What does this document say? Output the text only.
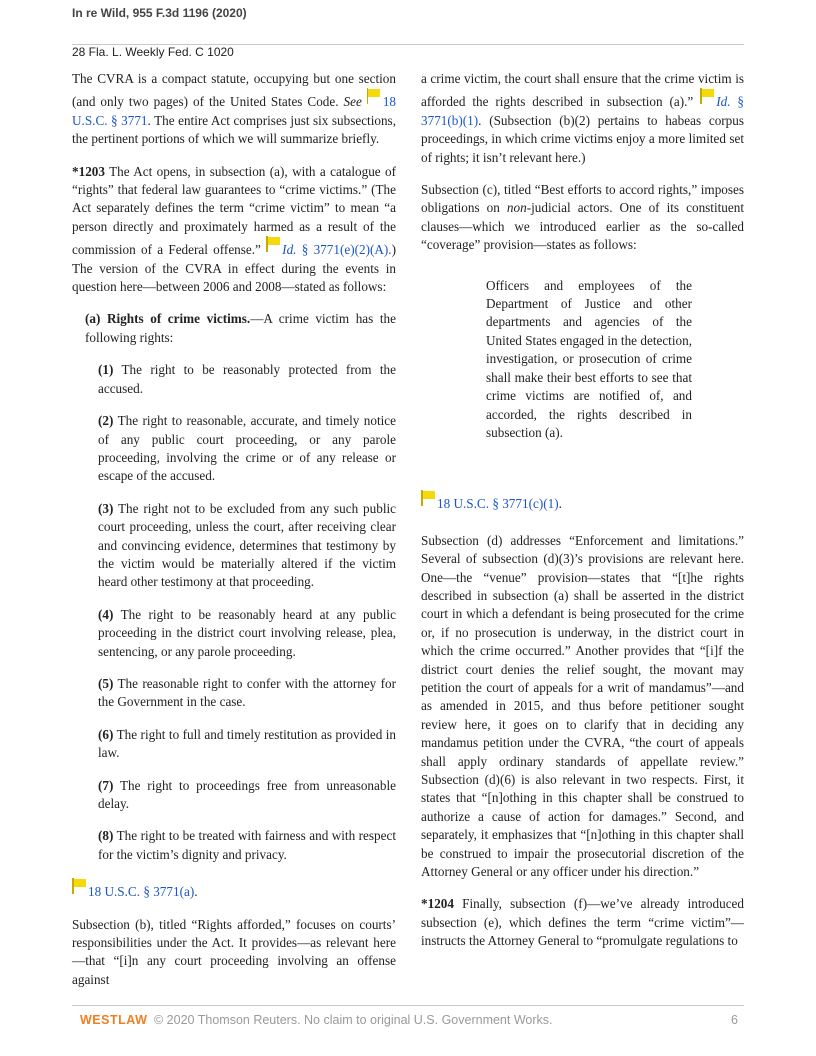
In re Wild, 955 F.3d 1196 (2020)
28 Fla. L. Weekly Fed. C 1020

The CVRA is a compact statute, occupying but one section (and only two pages) of the United States Code. See 18 U.S.C. § 3771. The entire Act comprises just six subsections, the pertinent portions of which we will summarize briefly.

*1203 The Act opens, in subsection (a), with a catalogue of “rights” that federal law guarantees to “crime victims.” (The Act separately defines the term “crime victim” to mean “a person directly and proximately harmed as a result of the commission of a Federal offense.” Id. § 3771(e)(2)(A).) The version of the CVRA in effect during the events in question here—between 2006 and 2008—stated as follows:

(a) Rights of crime victims.—A crime victim has the following rights:

(1) The right to be reasonably protected from the accused.

(2) The right to reasonable, accurate, and timely notice of any public court proceeding, or any parole proceeding, involving the crime or of any release or escape of the accused.

(3) The right not to be excluded from any such public court proceeding, unless the court, after receiving clear and convincing evidence, determines that testimony by the victim would be materially altered if the victim heard other testimony at that proceeding.

(4) The right to be reasonably heard at any public proceeding in the district court involving release, plea, sentencing, or any parole proceeding.

(5) The reasonable right to confer with the attorney for the Government in the case.

(6) The right to full and timely restitution as provided in law.

(7) The right to proceedings free from unreasonable delay.

(8) The right to be treated with fairness and with respect for the victim’s dignity and privacy.

18 U.S.C. § 3771(a).

Subsection (b), titled “Rights afforded,” focuses on courts’ responsibilities under the Act. It provides—as relevant here—that “[i]n any court proceeding involving an offense against

a crime victim, the court shall ensure that the crime victim is afforded the rights described in subsection (a).” Id. § 3771(b)(1). (Subsection (b)(2) pertains to habeas corpus proceedings, in which crime victims enjoy a more limited set of rights; it isn’t relevant here.)

Subsection (c), titled “Best efforts to accord rights,” imposes obligations on non-judicial actors. One of its constituent clauses—which we introduced earlier as the so-called “coverage” provision—states as follows:

Officers and employees of the Department of Justice and other departments and agencies of the United States engaged in the detection, investigation, or prosecution of crime shall make their best efforts to see that crime victims are notified of, and accorded, the rights described in subsection (a).

18 U.S.C. § 3771(c)(1).

Subsection (d) addresses “Enforcement and limitations.” Several of subsection (d)(3)’s provisions are relevant here. One—the “venue” provision—states that “[t]he rights described in subsection (a) shall be asserted in the district court in which a defendant is being prosecuted for the crime or, if no prosecution is underway, in the district court in which the crime occurred.” Another provides that “[i]f the district court denies the relief sought, the movant may petition the court of appeals for a writ of mandamus”—and as amended in 2015, and thus before petitioner sought review here, it goes on to clarify that in deciding any mandamus petition under the CVRA, “the court of appeals shall apply ordinary standards of appellate review.” Subsection (d)(6) is also relevant in two respects. First, it states that “[n]othing in this chapter shall be construed to authorize a cause of action for damages.” Second, and separately, it emphasizes that “[n]othing in this chapter shall be construed to impair the prosecutorial discretion of the Attorney General or any officer under his direction.”

*1204 Finally, subsection (f)—we’ve already introduced subsection (e), which defines the term “crime victim”—instructs the Attorney General to “promulgate regulations to

WESTLAW © 2020 Thomson Reuters. No claim to original U.S. Government Works.	6
